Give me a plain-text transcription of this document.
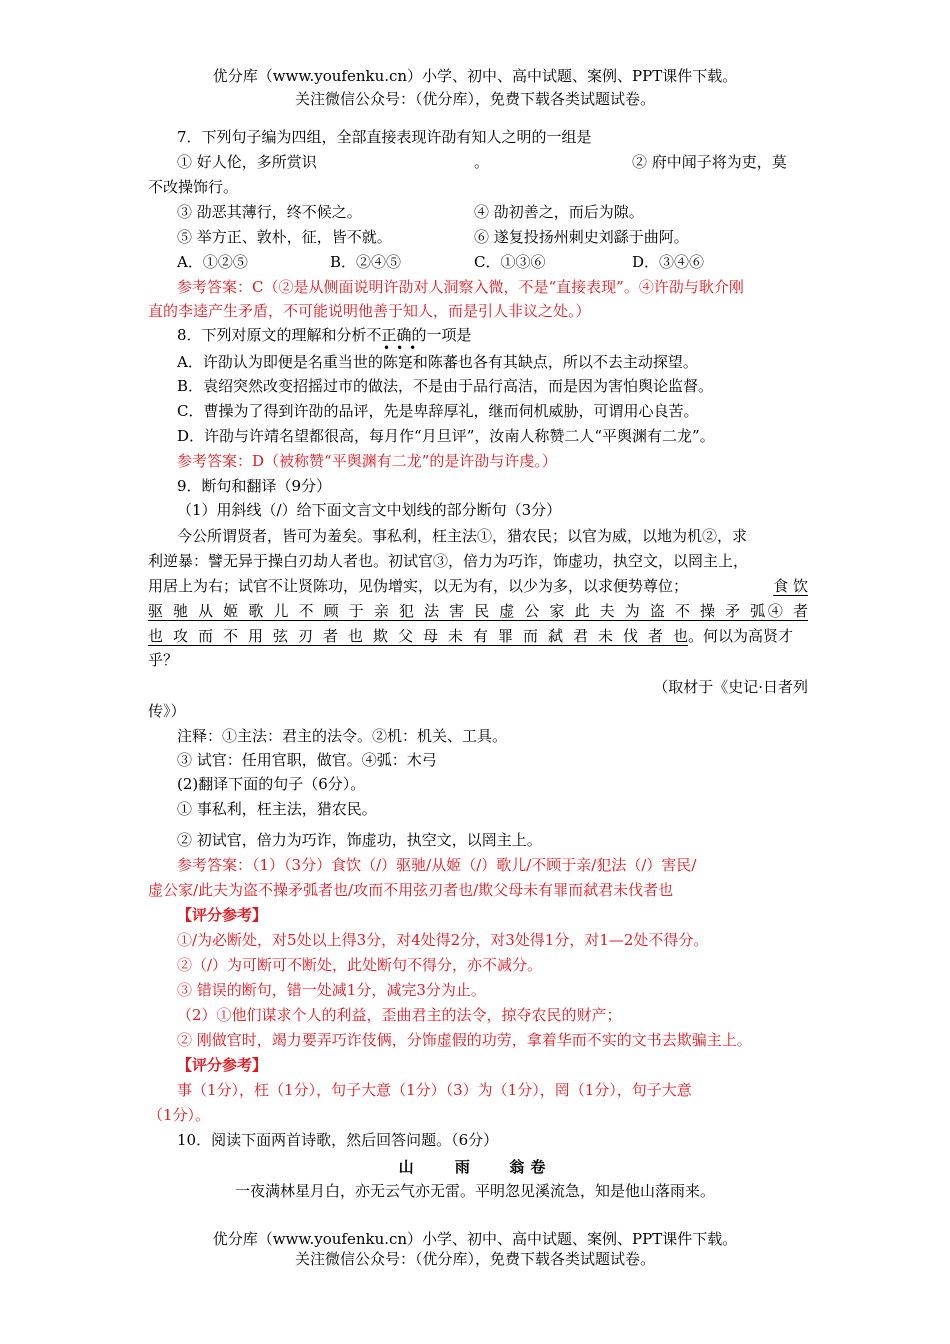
优分库（www.youfenku.cn）小学、初中、高中试题、案例、PPT课件下载。
关注微信公众号：（优分库），免费下载各类试题试卷。
7．下列句子编为四组，全部直接表现许劭有知人之明的一组是
① 好人伦，多所赏识	。	② 府中闻子将为吏，莫
不改操饰行。
③ 劭恶其薄行，终不候之。	④ 劭初善之，而后为隙。
⑤ 举方正、敦朴，征，皆不就。	⑥ 遂复投扬州刺史刘繇于曲阿。
A．①②⑤	B．②④⑤	C．①③⑥	D．③④⑥
参考答案：C（②是从侧面说明许劭对人洞察入微，不是“直接表现”。④许劭与耿介刚
直的李逵产生矛盾，不可能说明他善于知人，而是引人非议之处。）
8．下列对原文的理解和分析不正确的一项是
•••
A．许劭认为即便是名重当世的陈寔和陈蕃也各有其缺点，所以不去主动探望。
B．袁绍突然改变招摇过市的做法，不是由于品行高洁，而是因为害怕舆论监督。
C．曹操为了得到许劭的品评，先是卑辞厚礼，继而伺机威胁，可谓用心良苦。
D．许劭与许靖名望都很高，每月作“月旦评”，汝南人称赞二人“平舆渊有二龙”。
参考答案：D（被称赞“平舆渊有二龙”的是许劭与许虔。）
9．断句和翻译（9分）
（1）用斜线（/）给下面文言文中划线的部分断句（3分）
今公所谓贤者，皆可为羞矣。事私利，枉主法①，猎农民；以官为威，以地为机②，求
利逆暴：譬无异于操白刃劫人者也。初试官③，倍力为巧诈，饰虚功，执空文，以罔主上，
用居上为右；试官不让贤陈功，见伪增实，以无为有，以少为多，以求便势尊位；	食 饮
驱 驰 从 姬 歌 儿 不 顾 于 亲 犯 法 害 民 虚 公 家 此 夫 为 盗 不 操 矛 弧④ 者
也 攻 而 不 用 弦 刃 者 也 欺 父 母 未 有 罪 而 弑 君 未 伐 者 也。何以为高贤才
乎？
（取材于《史记·日者列
传》）
注释：①主法：君主的法令。②机：机关、工具。
③ 试官：任用官职，做官。④弧：木弓
(2)翻译下面的句子（6分）。
① 事私利，枉主法，猎农民。
② 初试官，倍力为巧诈，饰虚功，执空文，以罔主上。
参考答案：（1）（3分）食饮（/）驱驰/从姬（/）歌儿/不顾于亲/犯法（/）害民/
虚公家/此夫为盗不操矛弧者也/攻而不用弦刃者也/欺父母未有罪而弑君未伐者也
【评分参考】
①/为必断处，对5处以上得3分，对4处得2分，对3处得1分，对1—2处不得分。
②（/）为可断可不断处，此处断句不得分，亦不减分。
③ 错误的断句，错一处减1分，减完3分为止。
（2）①他们谋求个人的利益，歪曲君主的法令，掠夺农民的财产；
② 刚做官时，竭力要弄巧诈伎俩，分饰虚假的功劳，拿着华而不实的文书去欺骗主上。
【评分参考】
事（1分），枉（1分），句子大意（1分）（3）为（1分），罔（1分），句子大意
（1分）。
10．阅读下面两首诗歌，然后回答问题。（6分）
山 雨 翁卷
一夜满林星月白，亦无云气亦无雷。平明忽见溪流急，知是他山落雨来。
优分库（www.youfenku.cn）小学、初中、高中试题、案例、PPT课件下载。
关注微信公众号：（优分库），免费下载各类试题试卷。
